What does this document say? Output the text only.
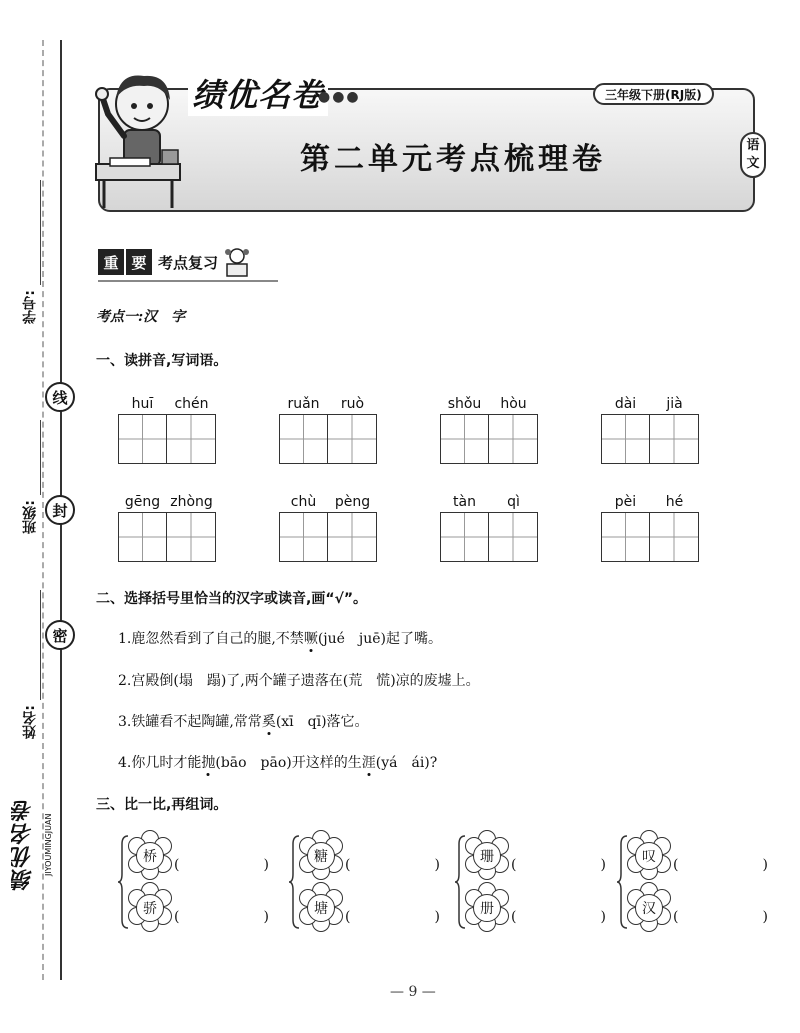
学号:
班级:
姓名:
线
封
密
绩优名卷 JIYOUMINGJUAN
绩优名卷
●●●	三年级下册(RJ版)
第二单元考点梳理卷	语
文
重 要 考点复习
考点一:汉　字
一、读拼音,写词语。
huī	chén	ruǎn	ruò	shǒu	hòu	dài	jià
gēng zhòng	chù	pèng	tàn	qì	pèi	hé
二、选择括号里恰当的汉字或读音,画“√”。
1.鹿忽然看到了自己的腿,不禁噘(jué　juē)起了嘴。
2.宫殿倒(塌　蹋)了,两个罐子遗落在(荒　慌)凉的废墟上。
3.铁罐看不起陶罐,常常奚(xī　qī)落它。
4.你几时才能抛(bāo　pāo)开这样的生涯(yá　ái)?
三、比一比,再组词。
桥	(　　　　　　)
骄	(　　　　　　)
糖	(　　　　　　)
塘	(　　　　　　)
珊	(　　　　　　)
册	(　　　　　　)
叹	(　　　　　　)
汉	(　　　　　　)
— 9 —
